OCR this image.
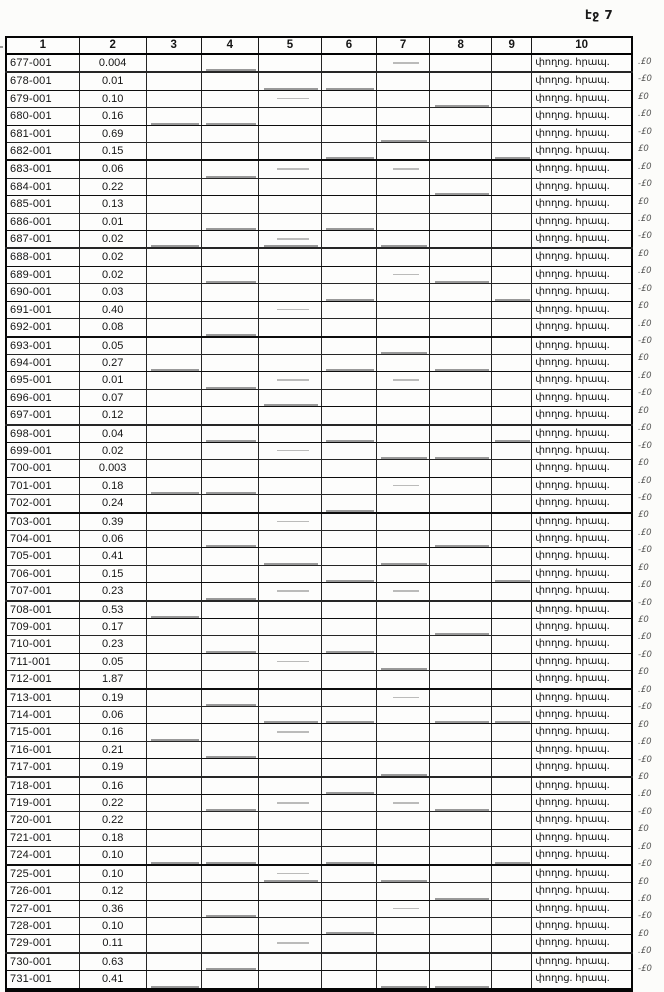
էջ 7
1	2	3	4	5	6	7	8	9	10
677-001	0.004								փողոց. հրապ.
678-001	0.01								փողոց. հրապ.
679-001	0.10								փողոց. հրապ.
680-001	0.16								փողոց. հրապ.
681-001	0.69								փողոց. հրապ.
682-001	0.15								փողոց. հրապ.
683-001	0.06								փողոց. հրապ.
684-001	0.22								փողոց. հրապ.
685-001	0.13								փողոց. հրապ.
686-001	0.01								փողոց. հրապ.
687-001	0.02								փողոց. հրապ.
688-001	0.02								փողոց. հրապ.
689-001	0.02								փողոց. հրապ.
690-001	0.03								փողոց. հրապ.
691-001	0.40								փողոց. հրապ.
692-001	0.08								փողոց. հրապ.
693-001	0.05								փողոց. հրապ.
694-001	0.27								փողոց. հրապ.
695-001	0.01								փողոց. հրապ.
696-001	0.07								փողոց. հրապ.
697-001	0.12								փողոց. հրապ.
698-001	0.04								փողոց. հրապ.
699-001	0.02								փողոց. հրապ.
700-001	0.003								փողոց. հրապ.
701-001	0.18								փողոց. հրապ.
702-001	0.24								փողոց. հրապ.
703-001	0.39								փողոց. հրապ.
704-001	0.06								փողոց. հրապ.
705-001	0.41								փողոց. հրապ.
706-001	0.15								փողոց. հրապ.
707-001	0.23								փողոց. հրապ.
708-001	0.53								փողոց. հրապ.
709-001	0.17								փողոց. հրապ.
710-001	0.23								փողոց. հրապ.
711-001	0.05								փողոց. հրապ.
712-001	1.87								փողոց. հրապ.
713-001	0.19								փողոց. հրապ.
714-001	0.06								փողոց. հրապ.
715-001	0.16								փողոց. հրապ.
716-001	0.21								փողոց. հրապ.
717-001	0.19								փողոց. հրապ.
718-001	0.16								փողոց. հրապ.
719-001	0.22								փողոց. հրապ.
720-001	0.22								փողոց. հրապ.
721-001	0.18								փողոց. հրապ.
724-001	0.10								փողոց. հրապ.
725-001	0.10								փողոց. հրապ.
726-001	0.12								փողոց. հրապ.
727-001	0.36								փողոց. հրապ.
728-001	0.10								փողոց. հրապ.
729-001	0.11								փողոց. հրապ.
730-001	0.63								փողոց. հրապ.
731-001	0.41								փողոց. հրապ.
.£0
-£0
£0
.£0
-£0
£0
.£0
-£0
£0
.£0
-£0
£0
.£0
-£0
£0
.£0
-£0
£0
.£0
-£0
£0
.£0
-£0
£0
.£0
-£0
£0
.£0
-£0
£0
.£0
-£0
£0
.£0
-£0
£0
.£0
-£0
£0
.£0
-£0
£0
.£0
-£0
£0
.£0
-£0
£0
.£0
-£0
£0
.£0
-£0
